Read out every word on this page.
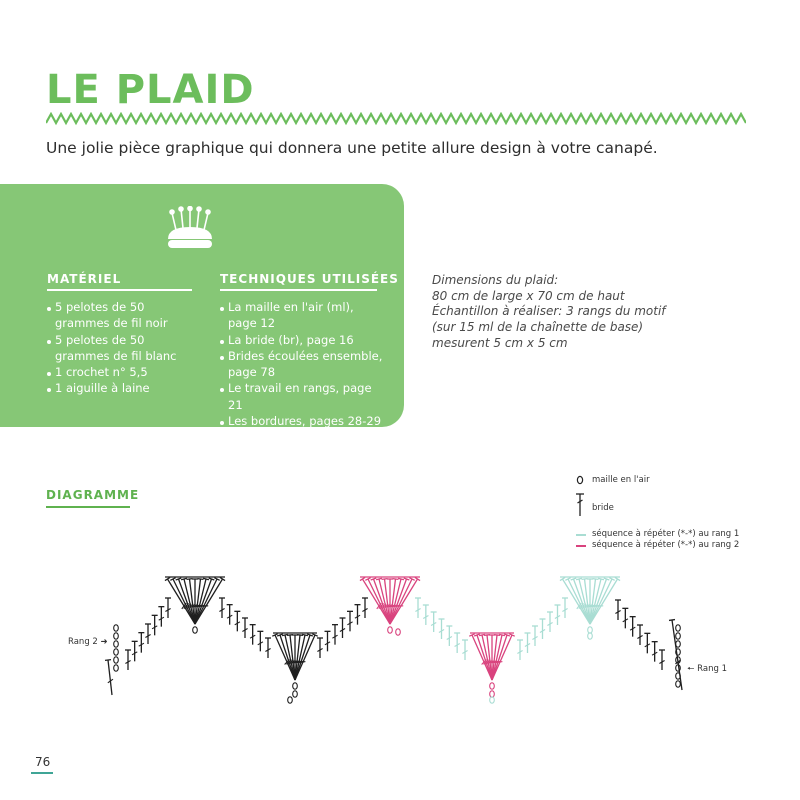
LE PLAID

Une jolie pièce graphique qui donnera une petite allure design à votre canapé.

MATÉRIEL
5 pelotes de 50 grammes de fil noir
5 pelotes de 50 grammes de fil blanc
1 crochet n° 5,5
1 aiguille à laine
TECHNIQUES UTILISÉES
La maille en l'air (ml), page 12
La bride (br), page 16
Brides écoulées ensemble, page 78
Le travail en rangs, page 21
Les bordures, pages 28-29
Dimensions du plaid:
80 cm de large x 70 cm de haut
Échantillon à réaliser: 3 rangs du motif
(sur 15 ml de la chaînette de base)
mesurent 5 cm x 5 cm
DIAGRAMME
maille en l'air
bride
séquence à répéter (*-*) au rang 1
séquence à répéter (*-*) au rang 2
Rang 2 ➜
🠔 Rang 1
76
